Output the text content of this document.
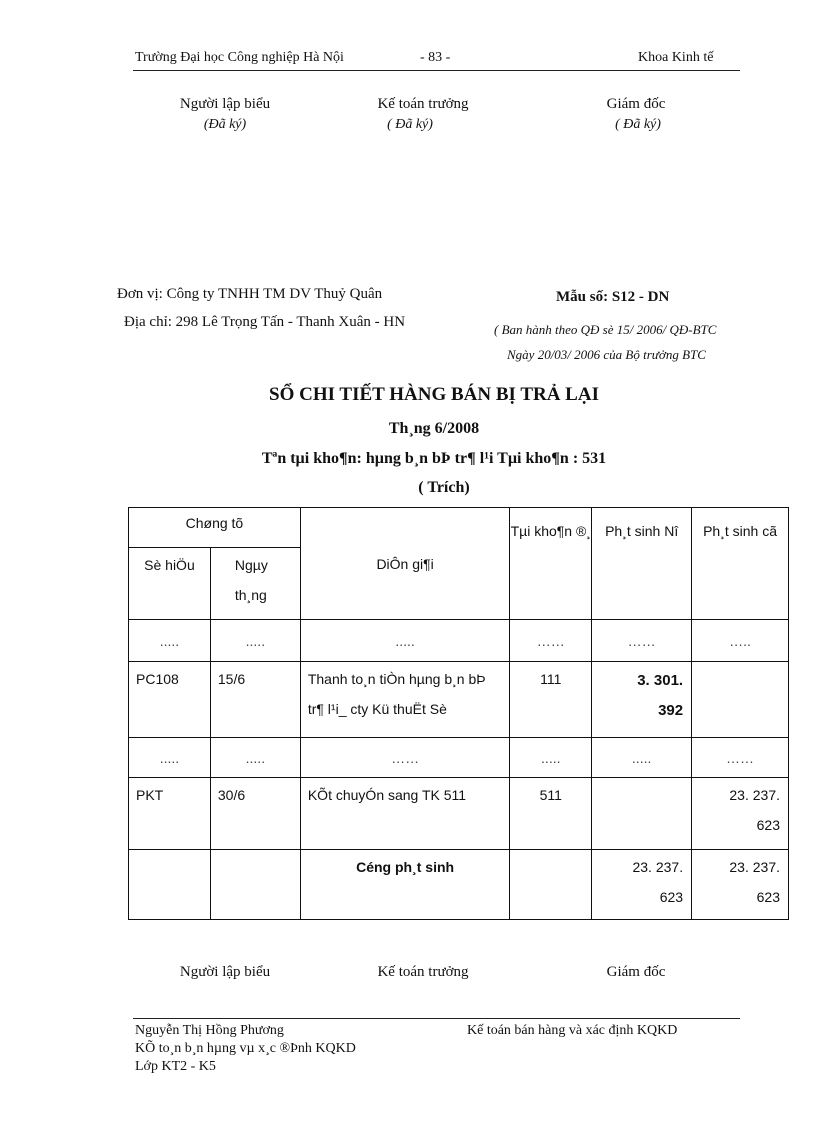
Trường Đại học Công nghiệp Hà Nội	- 83 -	Khoa Kinh tế
Người lập biểu
(Đã ký)
Kế toán trưởng
( Đã ký)
Giám đốc
( Đã ký)
Đơn vị: Công ty TNHH TM DV Thuỷ Quân
Địa chỉ: 298 Lê Trọng Tấn - Thanh Xuân - HN
Mẫu số: S12 - DN
( Ban hành theo QĐ sè 15/ 2006/ QĐ-BTC
Ngày 20/03/ 2006 của Bộ trưởng BTC
SỔ CHI TIẾT HÀNG BÁN BỊ TRẢ LẠI
Th¸ng 6/2008
Tªn tµi kho¶n: hµng b¸n bÞ tr¶ l¹i Tµi kho¶n : 531
( Trích)
Chøng tõ		DiÔn gi¶i	Tµi kho¶n ®¸	Ph¸t sinh Nî	Ph¸t sinh cã
Sè hiÖu	Ngµy th¸ng				
.....	.....	.....	……	……	…..
PC108	15/6	Thanh to¸n tiÒn hµng b¸n bÞ tr¶ l¹i_ cty Kü thuËt Sè	111	3. 301. 392	
.....	.....	……	.....	.....	……
PKT	30/6	KÕt chuyÓn sang TK 511	511		23. 237. 623
		Céng ph¸t sinh		23. 237. 623	23. 237. 623
Người lập biểu	Kế toán trưởng	Giám đốc
Nguyễn Thị Hồng Phương	Kế toán bán hàng và xác định KQKD
KÕ to¸n b¸n hµng vµ x¸c ®Þnh KQKD
Lớp KT2 - K5
